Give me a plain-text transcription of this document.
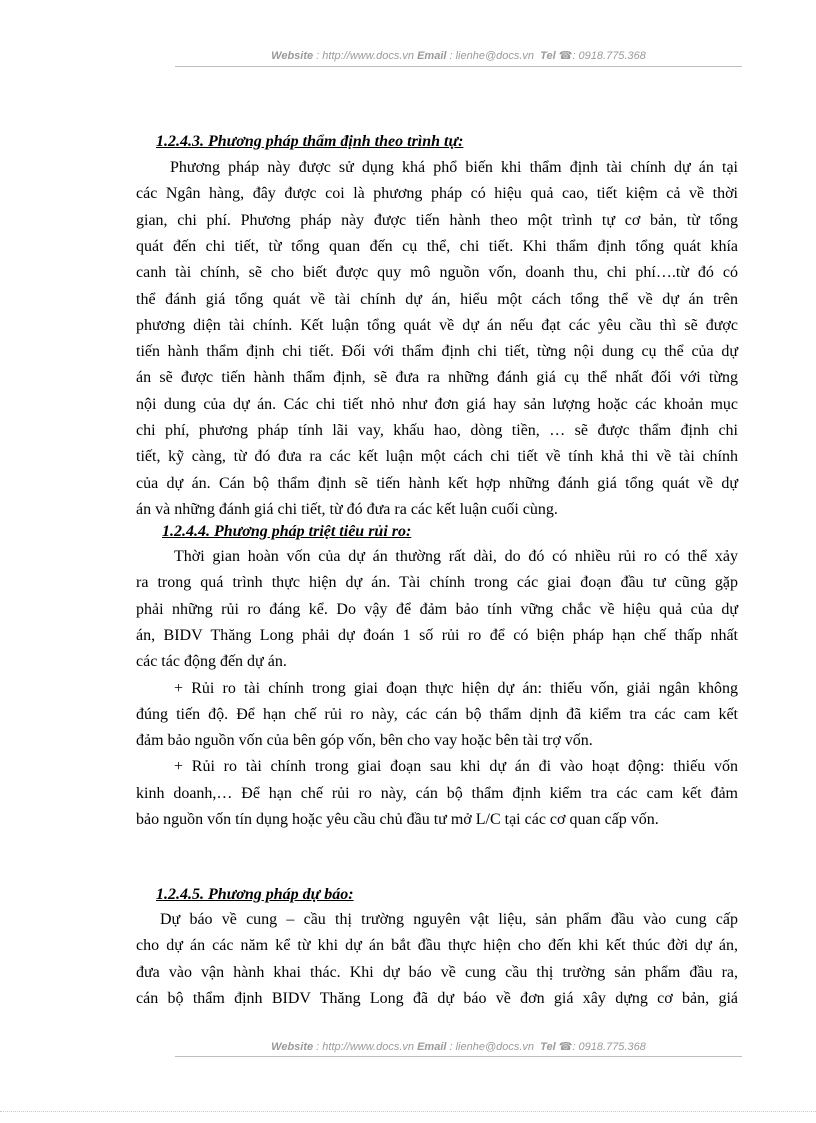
Website : http://www.docs.vn Email : lienhe@docs.vn Tel ☎: 0918.775.368
1.2.4.3. Phương pháp thẩm định theo trình tự:
Phương pháp này được sử dụng khá phổ biến khi thẩm định tài chính dự án tại
các Ngân hàng, đây được coi là phương pháp có hiệu quả cao, tiết kiệm cả về thời
gian, chi phí. Phương pháp này được tiến hành theo một trình tự cơ bản, từ tổng
quát đến chi tiết, từ tổng quan đến cụ thể, chi tiết. Khi thẩm định tổng quát khía
canh tài chính, sẽ cho biết được quy mô nguồn vốn, doanh thu, chi phí….từ đó có
thể đánh giá tổng quát về tài chính dự án, hiểu một cách tổng thể về dự án trên
phương diện tài chính. Kết luận tổng quát về dự án nếu đạt các yêu cầu thì sẽ được
tiến hành thẩm định chi tiết. Đối với thẩm định chi tiết, từng nội dung cụ thể của dự
án sẽ được tiến hành thẩm định, sẽ đưa ra những đánh giá cụ thể nhất đối với từng
nội dung của dự án. Các chi tiết nhỏ như đơn giá hay sản lượng hoặc các khoản mục
chi phí, phương pháp tính lãi vay, khấu hao, dòng tiền, … sẽ được thẩm định chi
tiết, kỹ càng, từ đó đưa ra các kết luận một cách chi tiết về tính khả thi về tài chính
của dự án. Cán bộ thẩm định sẽ tiến hành kết hợp những đánh giá tổng quát về dự
án và những đánh giá chi tiết, từ đó đưa ra các kết luận cuối cùng.
1.2.4.4. Phương pháp triệt tiêu rủi ro:
Thời gian hoàn vốn của dự án thường rất dài, do đó có nhiều rủi ro có thể xảy
ra trong quá trình thực hiện dự án. Tài chính trong các giai đoạn đầu tư cũng gặp
phải những rủi ro đáng kể. Do vậy để đảm bảo tính vững chắc về hiệu quả của dự
án, BIDV Thăng Long phải dự đoán 1 số rủi ro để có biện pháp hạn chế thấp nhất
các tác động đến dự án.
+ Rủi ro tài chính trong giai đoạn thực hiện dự án: thiếu vốn, giải ngân không
đúng tiến độ. Để hạn chế rủi ro này, các cán bộ thẩm dịnh đã kiểm tra các cam kết
đảm bảo nguồn vốn của bên góp vốn, bên cho vay hoặc bên tài trợ vốn.
+ Rủi ro tài chính trong giai đoạn sau khi dự án đi vào hoạt động: thiếu vốn
kinh doanh,… Để hạn chế rủi ro này, cán bộ thẩm định kiểm tra các cam kết đảm
bảo nguồn vốn tín dụng hoặc yêu cầu chủ đầu tư mở L/C tại các cơ quan cấp vốn.
1.2.4.5. Phương pháp dự báo:
Dự báo về cung – cầu thị trường nguyên vật liệu, sản phẩm đầu vào cung cấp
cho dự án các năm kể từ khi dự án bắt đầu thực hiện cho đến khi kết thúc đời dự án,
đưa vào vận hành khai thác. Khi dự báo về cung cầu thị trường sản phẩm đầu ra,
cán bộ thẩm định BIDV Thăng Long đã dự báo về đơn giá xây dựng cơ bản, giá
Website : http://www.docs.vn Email : lienhe@docs.vn Tel ☎: 0918.775.368
